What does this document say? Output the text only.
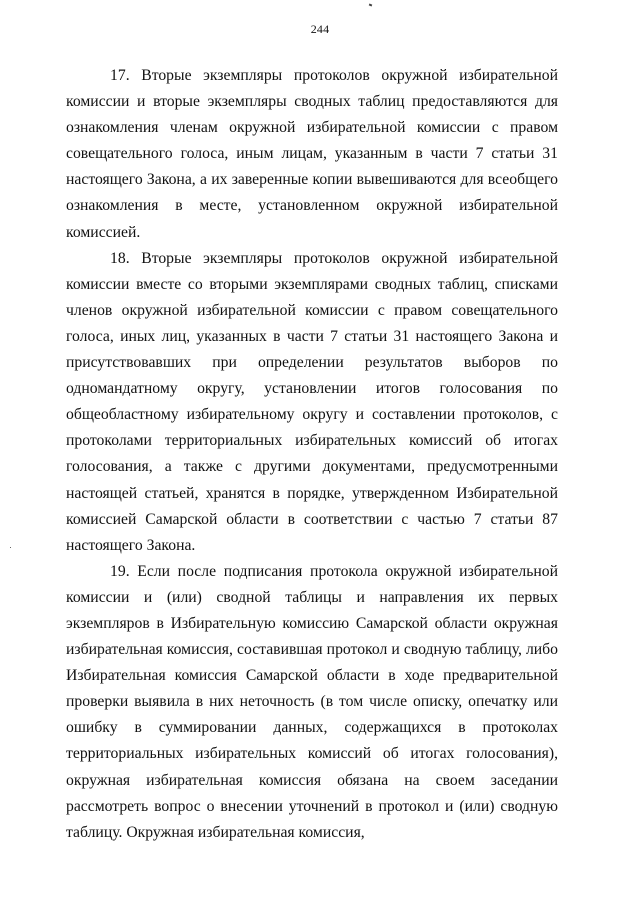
244

17. Вторые экземпляры протоколов окружной избирательной комиссии и вторые экземпляры сводных таблиц предоставляются для ознакомления членам окружной избирательной комиссии с правом совещательного голоса, иным лицам, указанным в части 7 статьи 31 настоящего Закона, а их заверенные копии вывешиваются для всеобщего ознакомления в месте, установленном окружной избирательной комиссией.

18. Вторые экземпляры протоколов окружной избирательной комиссии вместе со вторыми экземплярами сводных таблиц, списками членов окружной избирательной комиссии с правом совещательного голоса, иных лиц, указанных в части 7 статьи 31 настоящего Закона и присутствовавших при определении результатов выборов по одномандатному округу, установлении итогов голосования по общеобластному избирательному округу и составлении протоколов, с протоколами территориальных избирательных комиссий об итогах голосования, а также с другими документами, предусмотренными настоящей статьей, хранятся в порядке, утвержденном Избирательной комиссией Самарской области в соответствии с частью 7 статьи 87 настоящего Закона.

19. Если после подписания протокола окружной избирательной комиссии и (или) сводной таблицы и направления их первых экземпляров в Избирательную комиссию Самарской области окружная избирательная комиссия, составившая протокол и сводную таблицу, либо Избирательная комиссия Самарской области в ходе предварительной проверки выявила в них неточность (в том числе описку, опечатку или ошибку в суммировании данных, содержащихся в протоколах территориальных избирательных комиссий об итогах голосования), окружная избирательная комиссия обязана на своем заседании рассмотреть вопрос о внесении уточнений в протокол и (или) сводную таблицу. Окружная избирательная комиссия,
